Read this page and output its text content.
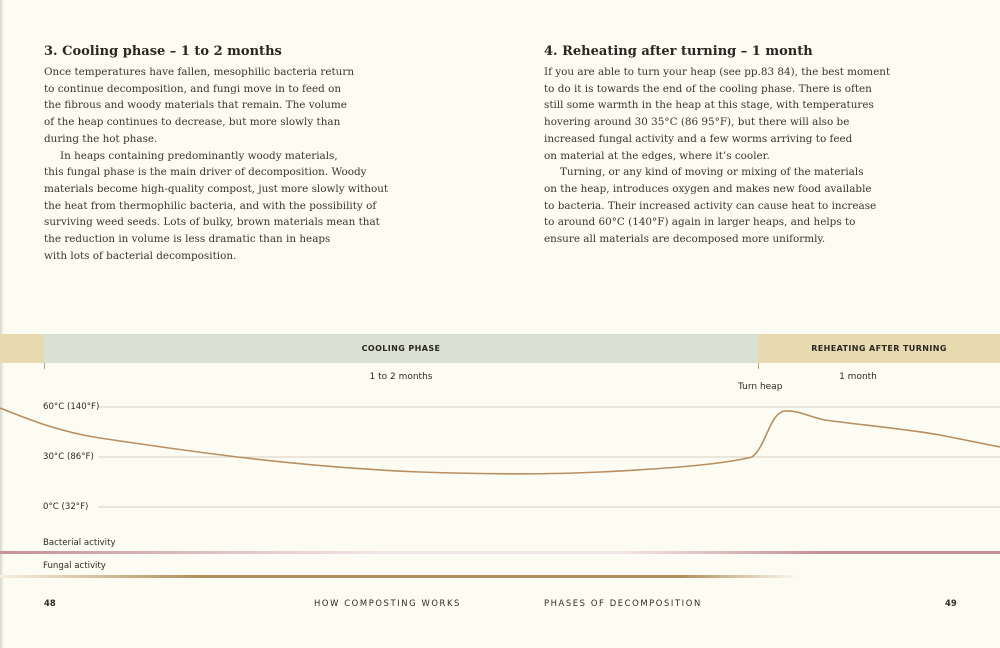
3. Cooling phase – 1 to 2 months

Once temperatures have fallen, mesophilic bacteria return
to continue decomposition, and fungi move in to feed on
the fibrous and woody materials that remain. The volume
of the heap continues to decrease, but more slowly than
during the hot phase.

In heaps containing predominantly woody materials,
this fungal phase is the main driver of decomposition. Woody
materials become high-quality compost, just more slowly without
the heat from thermophilic bacteria, and with the possibility of
surviving weed seeds. Lots of bulky, brown materials mean that
the reduction in volume is less dramatic than in heaps
with lots of bacterial decomposition.

4. Reheating after turning – 1 month

If you are able to turn your heap (see pp.83 84), the best moment
to do it is towards the end of the cooling phase. There is often
still some warmth in the heap at this stage, with temperatures
hovering around 30 35°C (86 95°F), but there will also be
increased fungal activity and a few worms arriving to feed
on material at the edges, where it’s cooler.

Turning, or any kind of moving or mixing of the materials
on the heap, introduces oxygen and makes new food available
to bacteria. Their increased activity can cause heat to increase
to around 60°C (140°F) again in larger heaps, and helps to
ensure all materials are decomposed more uniformly.

COOLING PHASE	REHEATING AFTER TURNING
1 to 2 months	1 month
Turn heap
60°C (140°F)
30°C (86°F)
0°C (32°F)
Bacterial activity
Fungal activity
48	HOW COMPOSTING WORKS	PHASES OF DECOMPOSITION	49
